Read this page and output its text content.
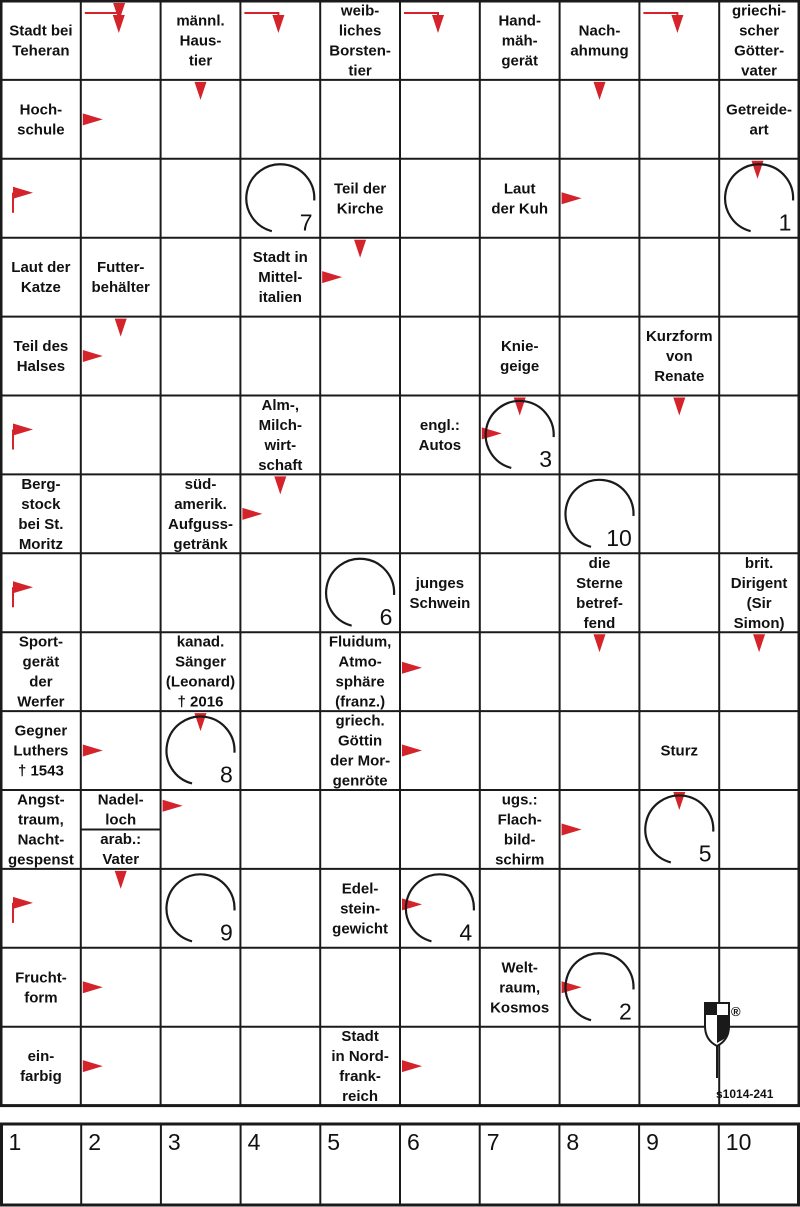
Stadt bei Teheran
männl. Haus-tier
weib-liches Borsten-tier
Hand-mäh-gerät
Nach-ahmung
griechi-scher Götter-vater
Hoch-schule
Getreide-art
Teil der Kirche
Laut der Kuh
Laut der Katze
Futter-behälter
Stadt in Mittel-italien
Teil des Halses
Knie-geige
Kurzform von Renate
Alm-, Milch-wirt-schaft
engl.: Autos
Berg-stock bei St. Moritz
süd-amerik. Aufguss-getränk
junges Schwein
die Sterne betref-fend
brit. Dirigent (Sir Simon)
Sport-gerät der Werfer
kanad. Sänger (Leonard) † 2016
Fluidum, Atmo-sphäre (franz.)
Gegner Luthers † 1543
griech. Göttin der Mor-genröte
Sturz
Angst-traum, Nacht-gespenst
ugs.: Flach-bild-schirm
Edel-stein-gewicht
Frucht-form
Welt-raum, Kosmos
ein-farbig
Stadt in Nord-frank-reich
Nadel-loch
arab.: Vater
7	1
3
10
6
8
5
9	4
2
1	2	3	4	5	6	7	8	9	10
®
s1014-241
